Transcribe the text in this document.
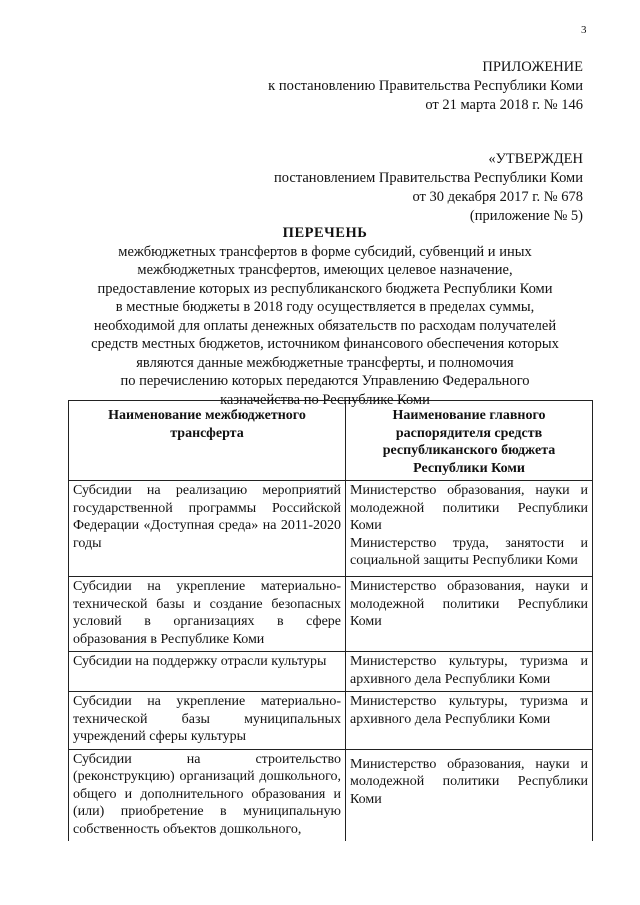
3
ПРИЛОЖЕНИЕ
к постановлению Правительства Республики Коми
от 21 марта 2018 г. № 146
«УТВЕРЖДЕН
постановлением Правительства Республики Коми
от 30 декабря 2017 г. № 678
(приложение № 5)
ПЕРЕЧЕНЬ
межбюджетных трансфертов в форме субсидий, субвенций и иных
межбюджетных трансфертов, имеющих целевое назначение,
предоставление которых из республиканского бюджета Республики Коми
в местные бюджеты в 2018 году осуществляется в пределах суммы,
необходимой для оплаты денежных обязательств по расходам получателей
средств местных бюджетов, источником финансового обеспечения которых
являются данные межбюджетные трансферты, и полномочия
по перечислению которых передаются Управлению Федерального
казначейства по Республике Коми
Наименование межбюджетного трансферта	Наименование главного распорядителя средств республиканского бюджета Республики Коми
Субсидии на реализацию мероприятий государственной программы Российской Федерации «Доступная среда» на 2011-2020 годы	Министерство образования, науки и молодежной политики Республики Коми
Министерство труда, занятости и социальной защиты Республики Коми

Субсидии на укрепление материально-технической базы и создание безопасных условий в организациях в сфере образования в Республике Коми	Министерство образования, науки и молодежной политики Республики Коми
Субсидии на поддержку отрасли культуры	Министерство культуры, туризма и архивного дела Республики Коми
Субсидии на укрепление материально-технической базы муниципальных учреждений сферы культуры	Министерство культуры, туризма и архивного дела Республики Коми
Субсидии на строительство (реконструкцию) организаций дошкольного, общего и дополнительного образования и (или) приобретение в муниципальную собственность объектов дошкольного,	Министерство образования, науки и молодежной политики Республики Коми
